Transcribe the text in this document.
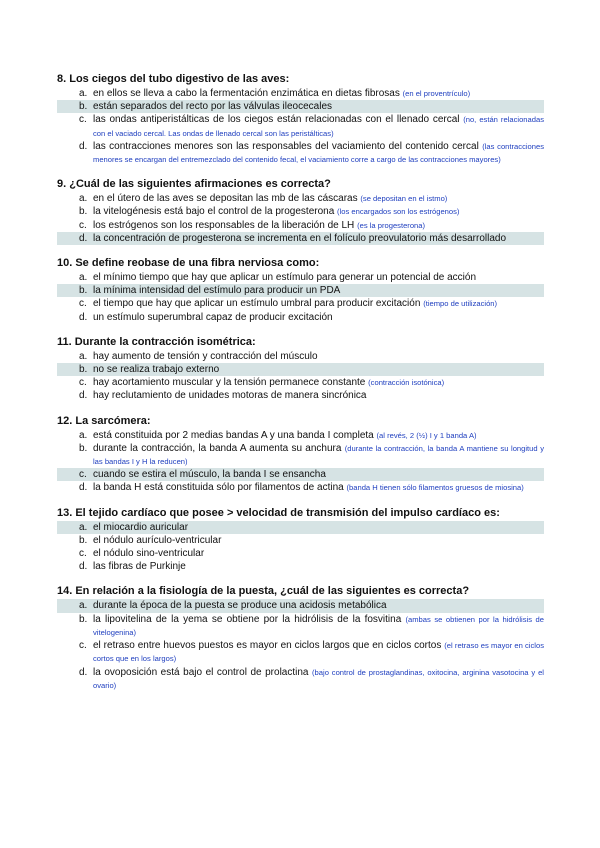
8. Los ciegos del tubo digestivo de las aves:

a. en ellos se lleva a cabo la fermentación enzimática en dietas fibrosas (en el proventrículo)

b. están separados del recto por las válvulas ileocecales

c. las ondas antiperistálticas de los ciegos están relacionadas con el llenado cercal (no, están relacionadas con el vaciado cercal. Las ondas de llenado cercal son las peristálticas)

d. las contracciones menores son las responsables del vaciamiento del contenido cercal (las contracciones menores se encargan del entremezclado del contenido fecal, el vaciamiento corre a cargo de las contracciones mayores)

9. ¿Cuál de las siguientes afirmaciones es correcta?

a. en el útero de las aves se depositan las mb de las cáscaras (se depositan en el istmo)

b. la vitelogénesis está bajo el control de la progesterona (los encargados son los estrógenos)

c. los estrógenos son los responsables de la liberación de LH (es la progesterona)

d. la concentración de progesterona se incrementa en el folículo preovulatorio más desarrollado

10. Se define reobase de una fibra nerviosa como:

a. el mínimo tiempo que hay que aplicar un estímulo para generar un potencial de acción

b. la mínima intensidad del estímulo para producir un PDA

c. el tiempo que hay que aplicar un estímulo umbral para producir excitación (tiempo de utilización)

d. un estímulo superumbral capaz de producir excitación

11. Durante la contracción isométrica:

a. hay aumento de tensión y contracción del músculo

b. no se realiza trabajo externo

c. hay acortamiento muscular y la tensión permanece constante (contracción isotónica)

d. hay reclutamiento de unidades motoras de manera sincrónica

12. La sarcómera:

a. está constituida por 2 medias bandas A y una banda I completa (al revés, 2 (½) I y 1 banda A)

b. durante la contracción, la banda A aumenta su anchura (durante la contracción, la banda A mantiene su longitud y las bandas I y H la reducen)

c. cuando se estira el músculo, la banda I se ensancha

d. la banda H está constituida sólo por filamentos de actina (banda H tienen sólo filamentos gruesos de miosina)

13. El tejido cardíaco que posee > velocidad de transmisión del impulso cardíaco es:

a. el miocardio auricular

b. el nódulo aurículo-ventricular

c. el nódulo sino-ventricular

d. las fibras de Purkinje

14. En relación a la fisiología de la puesta, ¿cuál de las siguientes es correcta?

a. durante la época de la puesta se produce una acidosis metabólica

b. la lipovitelina de la yema se obtiene por la hidrólisis de la fosvitina (ambas se obtienen por la hidrólisis de vitelogenina)

c. el retraso entre huevos puestos es mayor en ciclos largos que en ciclos cortos (el retraso es mayor en ciclos cortos que en los largos)

d. la ovoposición está bajo el control de prolactina (bajo control de prostaglandinas, oxitocina, arginina vasotocina y el ovario)
